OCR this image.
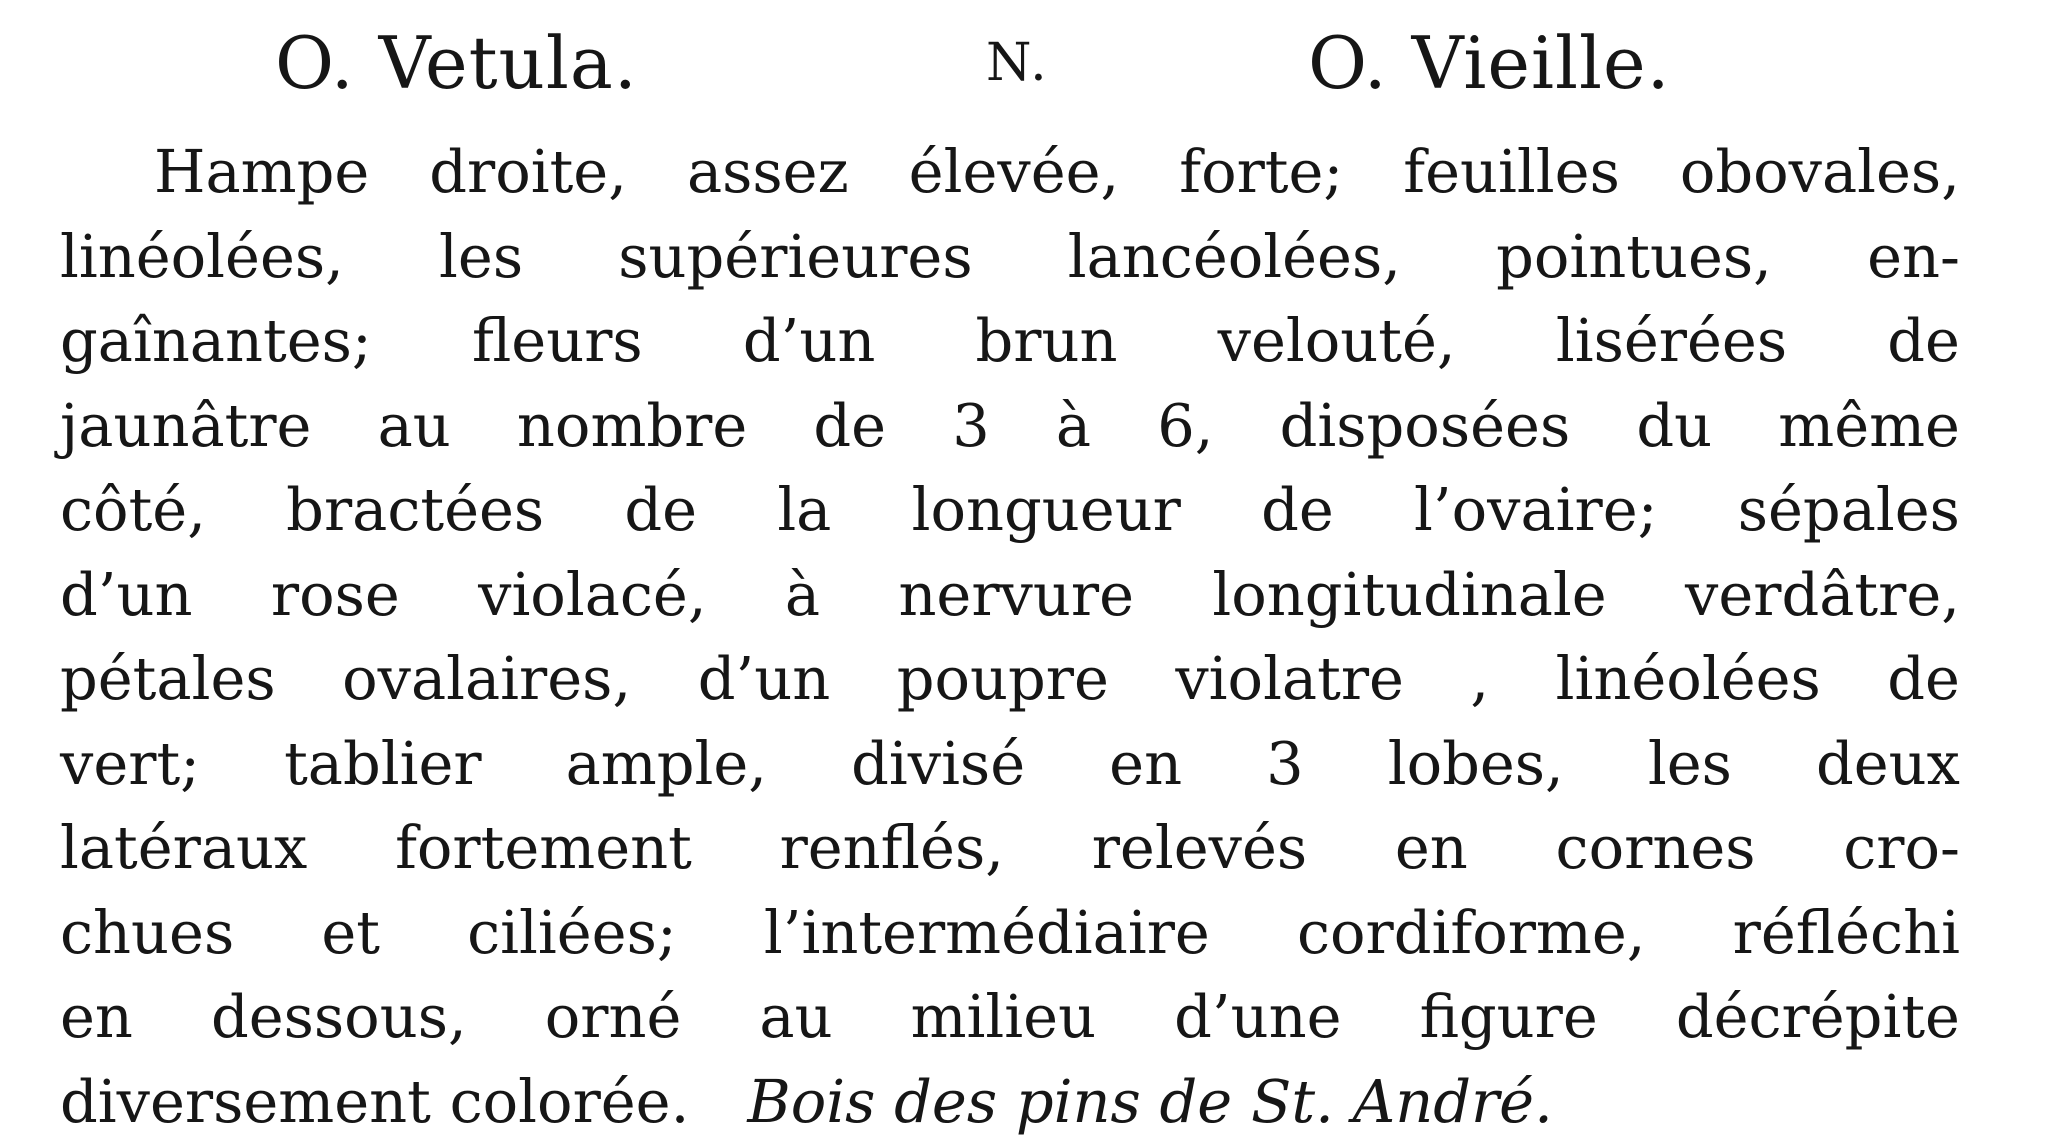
O. Vetula.	N.	O. Vieille.
Hampe droite, assez élevée, forte; feuilles obovales,
linéolées, les supérieures lancéolées, pointues, en-
gaînantes; fleurs d’un brun velouté, lisérées de
jaunâtre au nombre de 3 à 6, disposées du même
côté, bractées de la longueur de l’ovaire; sépales
d’un rose violacé, à nervure longitudinale verdâtre,
pétales ovalaires, d’un poupre violatre , linéolées de
vert; tablier ample, divisé en 3 lobes, les deux
latéraux fortement renflés, relevés en cornes cro-
chues et ciliées; l’intermédiaire cordiforme, réfléchi
en dessous, orné au milieu d’une figure décrépite
diversement colorée. Bois des pins de St. André.
